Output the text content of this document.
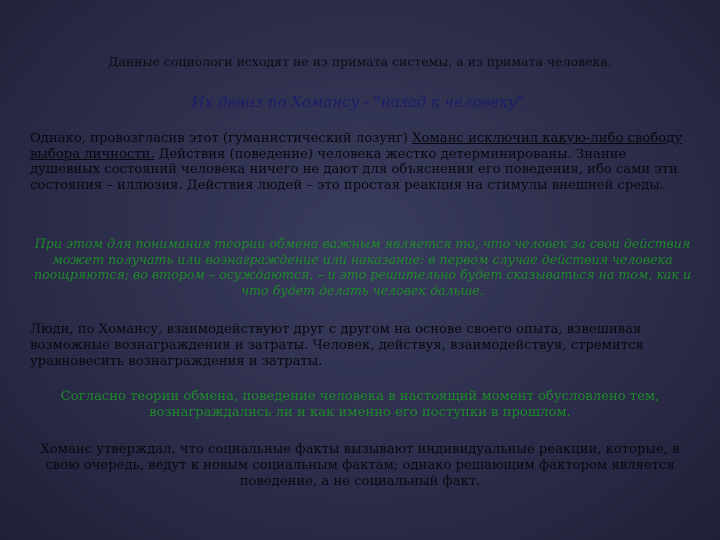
Данные социологи исходят не из примата системы, а из примата человека.

Их девиз по Хомансу - "назад к человеку".

Однако, провозгласив этот (гуманистический лозунг) Хоманс исключил какую-либо свободу выбора личности. Действия (поведение) человека жестко детерминированы. Знание душевных состояний человека ничего не дают для объяснения его поведения, ибо сами эти состояния – иллюзия. Действия людей – это простая реакция на стимулы внешней среды.

При этом для понимания теории обмена важным является то, что человек за свои действия может получать или вознаграждение или наказание: в первом случае действия человека поощряются; во втором – осуждаются, – и это решительно будет сказываться на том, как и что будет делать человек дальше.

Люди, по Хомансу, взаимодействуют друг с другом на основе своего опыта, взвешивая возможные вознаграждения и затраты. Человек, действуя, взаимодействуя, стремится уравновесить вознаграждения и затраты.

Согласно теории обмена, поведение человека в настоящий момент обусловлено тем, вознаграждались ли и как именно его поступки в прошлом.

Хоманс утверждал, что социальные факты вызывают индивидуальные реакции, которые, в свою очередь, ведут к новым социальным фактам; однако решающим фактором является поведение, а не социальный факт.
